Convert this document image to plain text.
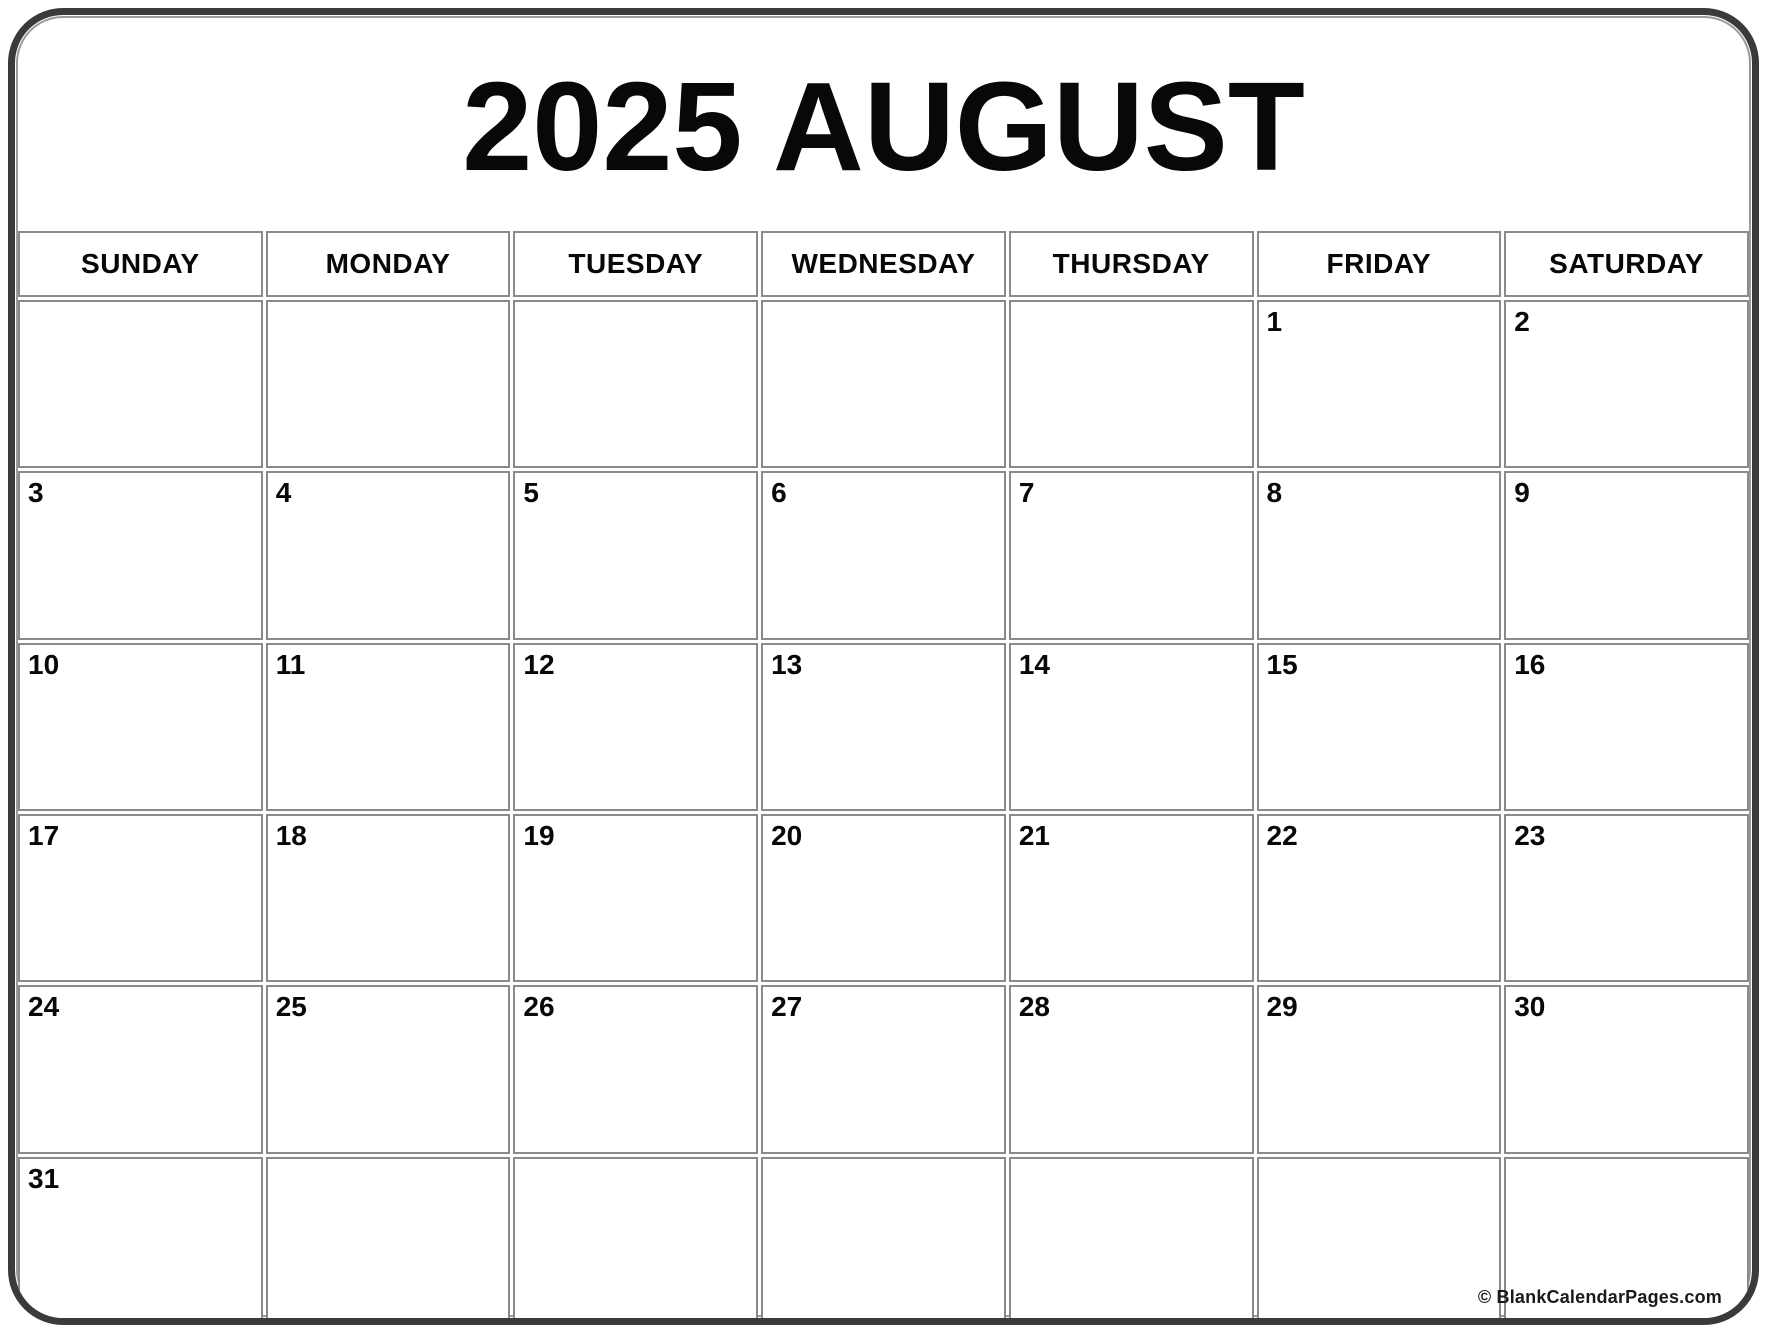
2025 AUGUST
SUNDAY	MONDAY	TUESDAY	WEDNESDAY	THURSDAY	FRIDAY	SATURDAY
					1	2
3	4	5	6	7	8	9
10	11	12	13	14	15	16
17	18	19	20	21	22	23
24	25	26	27	28	29	30
31						
© BlankCalendarPages.com
